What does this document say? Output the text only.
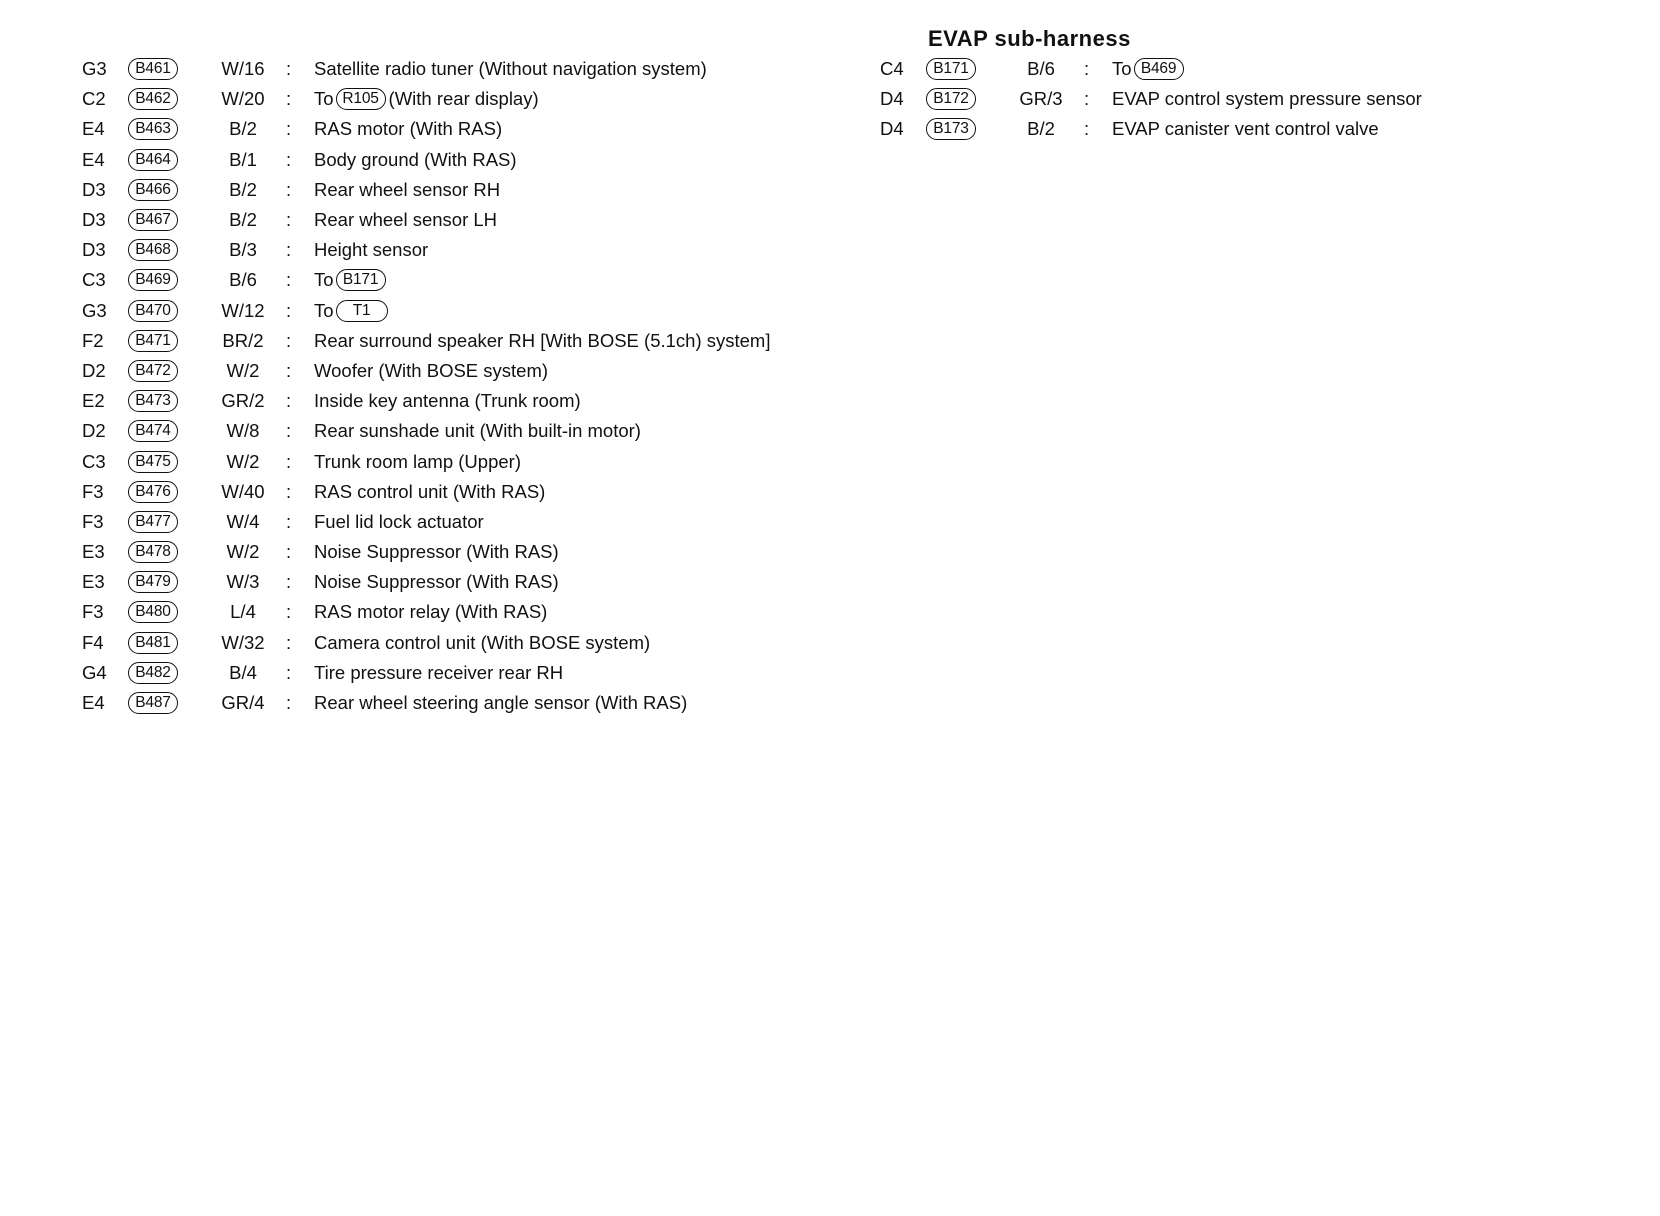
G3	B461	W/16	:	Satellite radio tuner (Without navigation system)
C2	B462	W/20	:	To R105 (With rear display)
E4	B463	B/2	:	RAS motor (With RAS)
E4	B464	B/1	:	Body ground (With RAS)
D3	B466	B/2	:	Rear wheel sensor RH
D3	B467	B/2	:	Rear wheel sensor LH
D3	B468	B/3	:	Height sensor
C3	B469	B/6	:	To B171
G3	B470	W/12	:	To	T1
F2	B471	BR/2	:	Rear surround speaker RH [With BOSE (5.1ch) system]
D2	B472	W/2	:	Woofer (With BOSE system)
E2	B473	GR/2	:	Inside key antenna (Trunk room)
D2	B474	W/8	:	Rear sunshade unit (With built-in motor)
C3	B475	W/2	:	Trunk room lamp (Upper)
F3	B476	W/40	:	RAS control unit (With RAS)
F3	B477	W/4	:	Fuel lid lock actuator
E3	B478	W/2	:	Noise Suppressor (With RAS)
E3	B479	W/3	:	Noise Suppressor (With RAS)
F3	B480	L/4	:	RAS motor relay (With RAS)
F4	B481	W/32	:	Camera control unit (With BOSE system)
G4	B482	B/4	:	Tire pressure receiver rear RH
E4	B487	GR/4	:	Rear wheel steering angle sensor (With RAS)
EVAP sub-harness
C4	B171	B/6	:	To B469
D4	B172	GR/3	:	EVAP control system pressure sensor
D4	B173	B/2	:	EVAP canister vent control valve
